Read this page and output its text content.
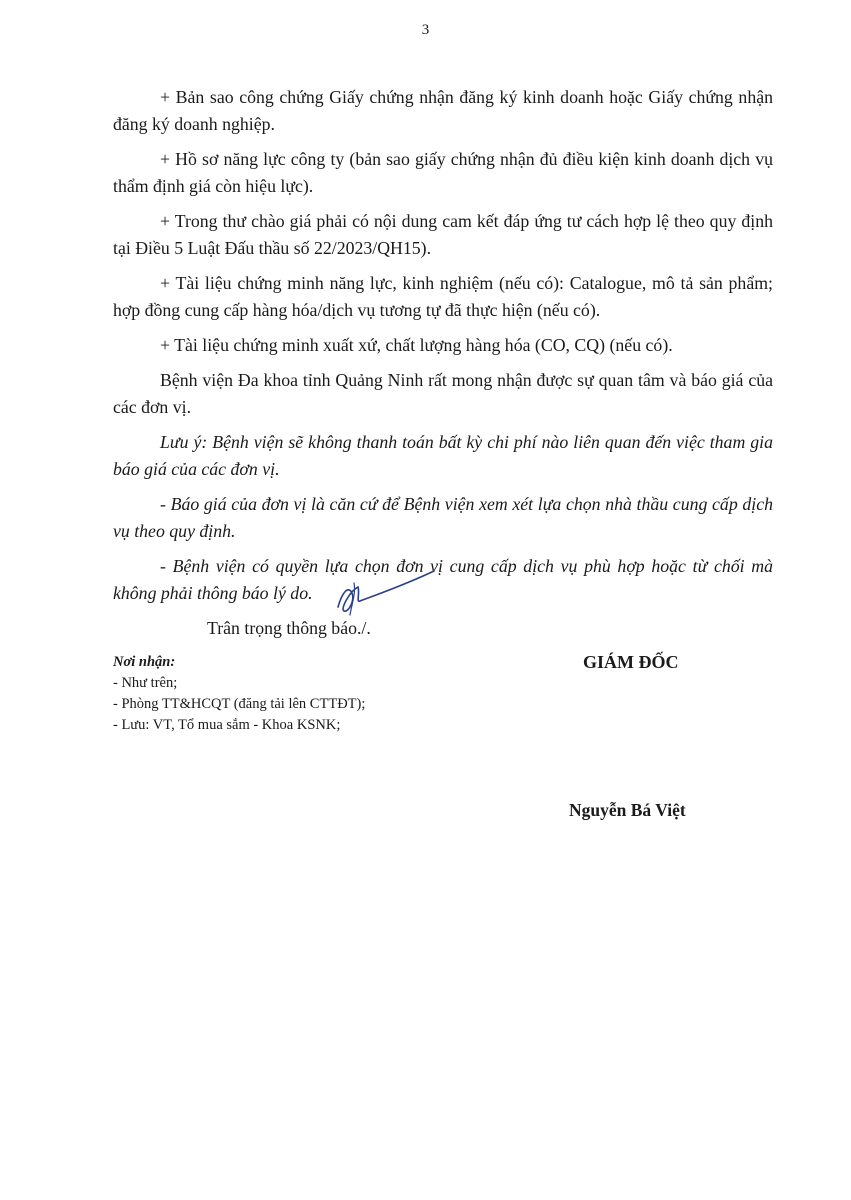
3

+ Bản sao công chứng Giấy chứng nhận đăng ký kinh doanh hoặc Giấy chứng nhận đăng ký doanh nghiệp.

+ Hồ sơ năng lực công ty (bản sao giấy chứng nhận đủ điều kiện kinh doanh dịch vụ thẩm định giá còn hiệu lực).

+ Trong thư chào giá phải có nội dung cam kết đáp ứng tư cách hợp lệ theo quy định tại Điều 5 Luật Đấu thầu số 22/2023/QH15).

+ Tài liệu chứng minh năng lực, kinh nghiệm (nếu có): Catalogue, mô tả sản phẩm; hợp đồng cung cấp hàng hóa/dịch vụ tương tự đã thực hiện (nếu có).

+ Tài liệu chứng minh xuất xứ, chất lượng hàng hóa (CO, CQ) (nếu có).

Bệnh viện Đa khoa tỉnh Quảng Ninh rất mong nhận được sự quan tâm và báo giá của các đơn vị.

Lưu ý: Bệnh viện sẽ không thanh toán bất kỳ chi phí nào liên quan đến việc tham gia báo giá của các đơn vị.

- Báo giá của đơn vị là căn cứ để Bệnh viện xem xét lựa chọn nhà thầu cung cấp dịch vụ theo quy định.

- Bệnh viện có quyền lựa chọn đơn vị cung cấp dịch vụ phù hợp hoặc từ chối mà không phải thông báo lý do.

Trân trọng thông báo./.

Nơi nhận:
- Như trên;
- Phòng TT&HCQT (đăng tải lên CTTĐT);
- Lưu: VT, Tổ mua sắm - Khoa KSNK;
GIÁM ĐỐC
Nguyễn Bá Việt
